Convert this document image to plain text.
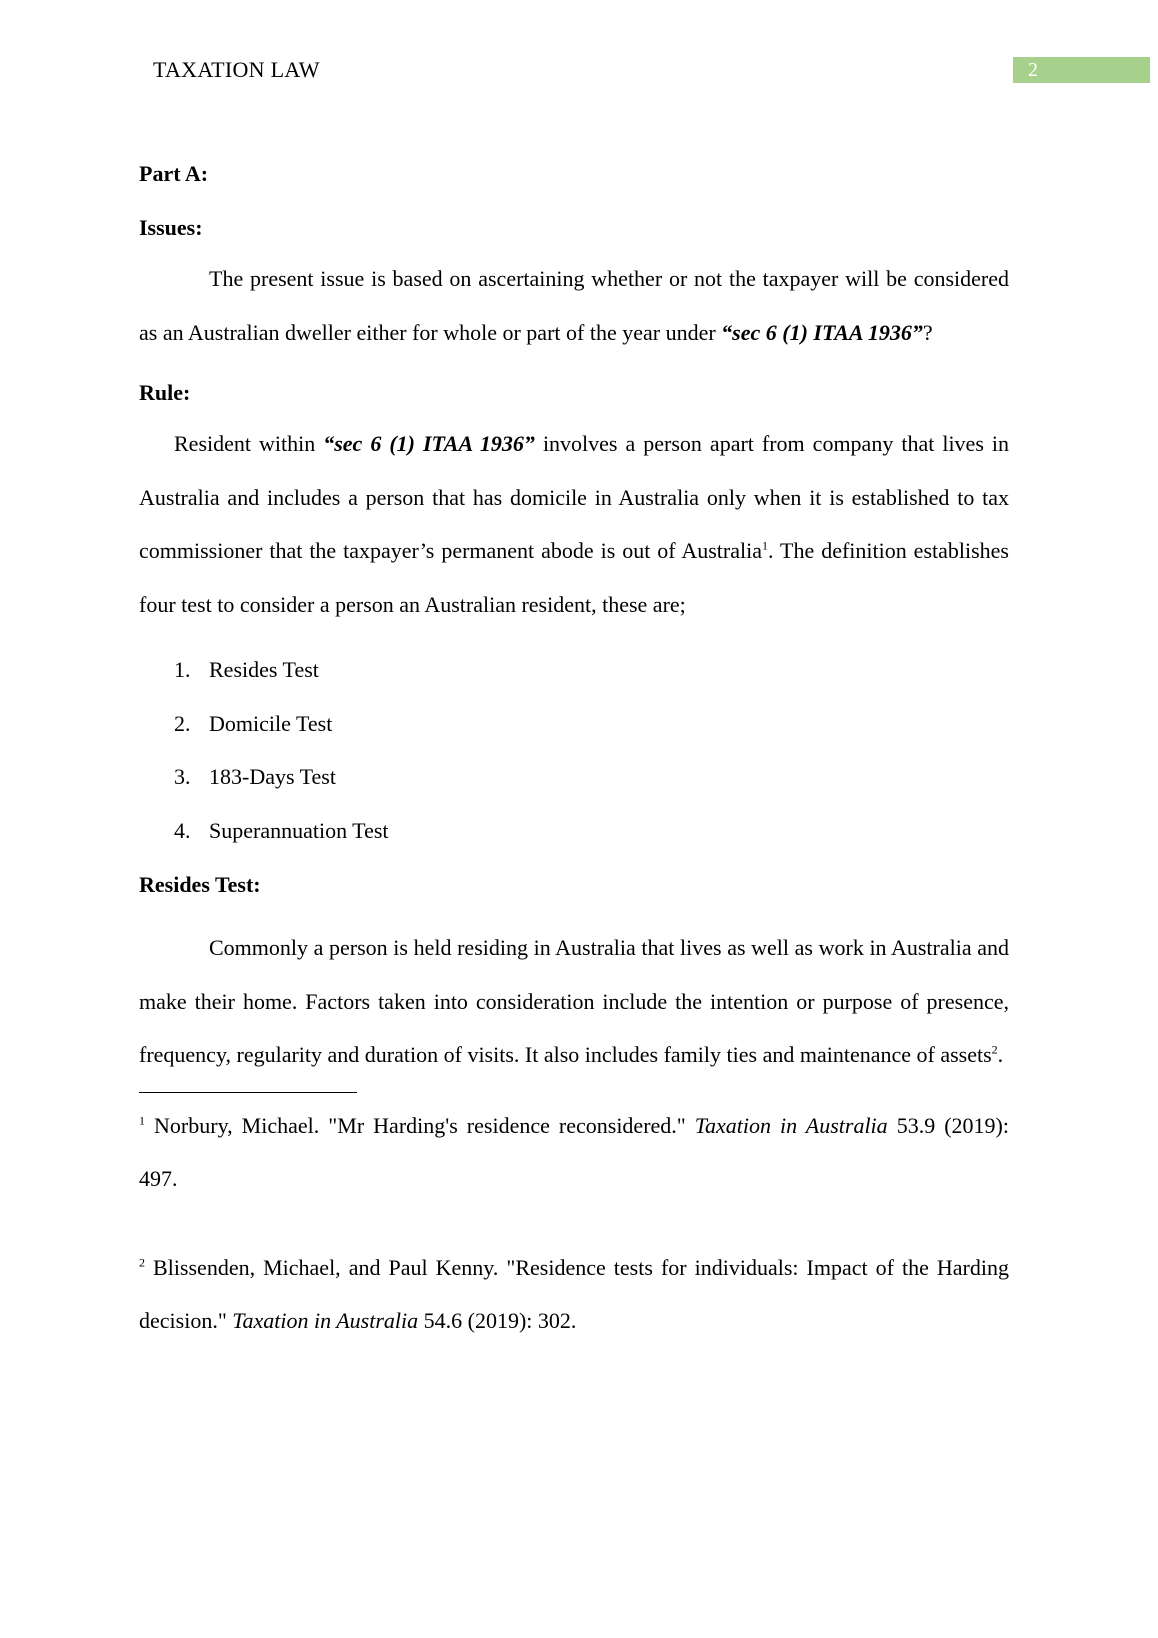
TAXATION LAW	2

Part A:

Issues:

The present issue is based on ascertaining whether or not the taxpayer will be considered as an Australian dweller either for whole or part of the year under “sec 6 (1) ITAA 1936”?

Rule:

Resident within “sec 6 (1) ITAA 1936” involves a person apart from company that lives in Australia and includes a person that has domicile in Australia only when it is established to tax commissioner that the taxpayer’s permanent abode is out of Australia$^1$. The definition establishes four test to consider a person an Australian resident, these are;

1. Resides Test
2. Domicile Test
3. 183-Days Test
4. Superannuation Test

Resides Test:

Commonly a person is held residing in Australia that lives as well as work in Australia and make their home. Factors taken into consideration include the intention or purpose of presence, frequency, regularity and duration of visits. It also includes family ties and maintenance of assets$^2$.

$^1$ Norbury, Michael. "Mr Harding's residence reconsidered." Taxation in Australia 53.9 (2019): 497.

$^2$ Blissenden, Michael, and Paul Kenny. "Residence tests for individuals: Impact of the Harding decision." Taxation in Australia 54.6 (2019): 302.
